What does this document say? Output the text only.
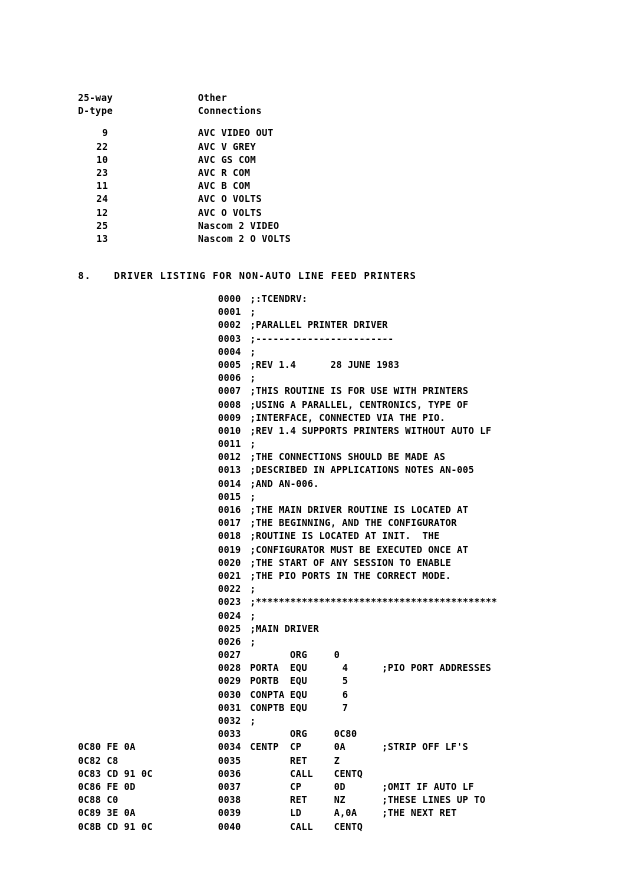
25-way	Other
D-type	Connections
9	AVC VIDEO OUT
22	AVC V GREY
10	AVC GS COM
23	AVC R COM
11	AVC B COM
24	AVC O VOLTS
12	AVC O VOLTS
25	Nascom 2 VIDEO
13	Nascom 2 O VOLTS
8. DRIVER LISTING FOR NON-AUTO LINE FEED PRINTERS
0000 ;:TCENDRV:
0001 ;
0002 ;PARALLEL PRINTER DRIVER
0003 ;------------------------
0004 ;
0005 ;REV 1.4      28 JUNE 1983
0006 ;
0007 ;THIS ROUTINE IS FOR USE WITH PRINTERS
0008 ;USING A PARALLEL, CENTRONICS, TYPE OF
0009 ;INTERFACE, CONNECTED VIA THE PIO.
0010 ;REV 1.4 SUPPORTS PRINTERS WITHOUT AUTO LF
0011 ;
0012 ;THE CONNECTIONS SHOULD BE MADE AS
0013 ;DESCRIBED IN APPLICATIONS NOTES AN-005
0014 ;AND AN-006.
0015 ;
0016 ;THE MAIN DRIVER ROUTINE IS LOCATED AT
0017 ;THE BEGINNING, AND THE CONFIGURATOR
0018 ;ROUTINE IS LOCATED AT INIT.  THE
0019 ;CONFIGURATOR MUST BE EXECUTED ONCE AT
0020 ;THE START OF ANY SESSION TO ENABLE
0021 ;THE PIO PORTS IN THE CORRECT MODE.
0022 ;
0023 ;******************************************
0024 ;
0025 ;MAIN DRIVER
0026 ;
0027	ORG	0
0028 PORTA EQU	4	;PIO PORT ADDRESSES
0029 PORTB EQU	5
0030 CONPTA EQU	6
0031 CONPTB EQU	7
0032 ;
0033	ORG	0C80
0C80 FE 0A	0034 CENTP CP	0A	;STRIP OFF LF'S
0C82 C8	0035	RET	Z
0C83 CD 91 0C	0036	CALL CENTQ
0C86 FE 0D	0037	CP	0D	;OMIT IF AUTO LF
0C88 C0	0038	RET	NZ	;THESE LINES UP TO
0C89 3E 0A	0039	LD	A,0A	;THE NEXT RET
0C8B CD 91 0C	0040	CALL CENTQ
